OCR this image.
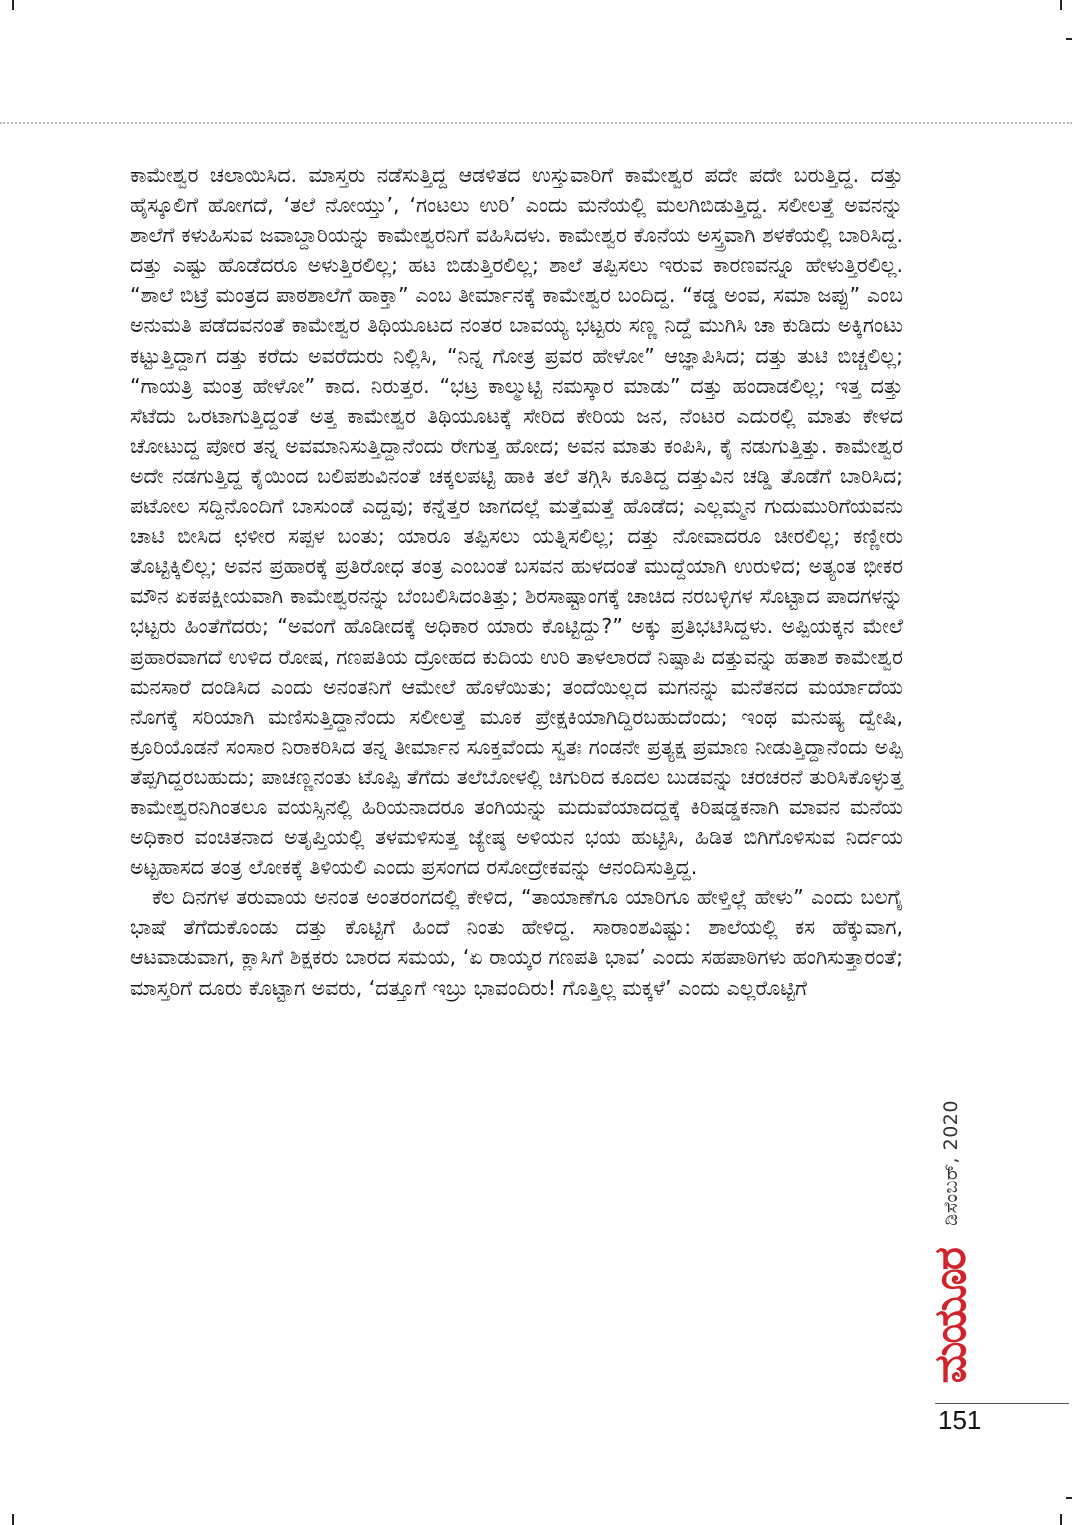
ಕಾಮೇಶ್ವರ ಚಲಾಯಿಸಿದ. ಮಾಸ್ತರು ನಡೆಸುತ್ತಿದ್ದ ಆಡಳಿತದ ಉಸ್ತುವಾರಿಗೆ ಕಾಮೇಶ್ವರ ಪದೇ ಪದೇ ಬರುತ್ತಿದ್ದ. ದತ್ತು ಹೈಸ್ಕೂಲಿಗೆ ಹೋಗದೆ, ‘ತಲೆ ನೋಯ್ತು’, ‘ಗಂಟಲು ಉರಿ’ ಎಂದು ಮನೆಯಲ್ಲಿ ಮಲಗಿಬಿಡುತ್ತಿದ್ದ. ಸಲೀಲತ್ತೆ ಅವನನ್ನು ಶಾಲೆಗೆ ಕಳುಹಿಸುವ ಜವಾಬ್ದಾರಿಯನ್ನು ಕಾಮೇಶ್ವರನಿಗೆ ವಹಿಸಿದಳು. ಕಾಮೇಶ್ವರ ಕೊನೆಯ ಅಸ್ತ್ರವಾಗಿ ಶಳಕೆಯಲ್ಲಿ ಬಾರಿಸಿದ್ದ. ದತ್ತು ಎಷ್ಟು ಹೊಡೆದರೂ ಅಳುತ್ತಿರಲಿಲ್ಲ; ಹಟ ಬಿಡುತ್ತಿರಲಿಲ್ಲ; ಶಾಲೆ ತಪ್ಪಿಸಲು ಇರುವ ಕಾರಣವನ್ನೂ ಹೇಳುತ್ತಿರಲಿಲ್ಲ. “ಶಾಲೆ ಬಿಟ್ರೆ ಮಂತ್ರದ ಪಾಠಶಾಲೆಗೆ ಹಾಕ್ತಾ” ಎಂಬ ತೀರ್ಮಾನಕ್ಕೆ ಕಾಮೇಶ್ವರ ಬಂದಿದ್ದ. “ಕಡ್ಡ ಅಂವ, ಸಮಾ ಜಪ್ಪು” ಎಂಬ ಅನುಮತಿ ಪಡೆದವನಂತೆ ಕಾಮೇಶ್ವರ ತಿಥಿಯೂಟದ ನಂತರ ಬಾವಯ್ಯ ಭಟ್ಟರು ಸಣ್ಣ ನಿದ್ದೆ ಮುಗಿಸಿ ಚಾ ಕುಡಿದು ಅಕ್ಕಿಗಂಟು ಕಟ್ಟುತ್ತಿದ್ದಾಗ ದತ್ತು ಕರೆದು ಅವರೆದುರು ನಿಲ್ಲಿಸಿ, “ನಿನ್ನ ಗೋತ್ರ ಪ್ರವರ ಹೇಳೋ” ಆಜ್ಞಾಪಿಸಿದ; ದತ್ತು ತುಟಿ ಬಿಚ್ಚಲಿಲ್ಲ; “ಗಾಯತ್ರಿ ಮಂತ್ರ ಹೇಳೋ” ಕಾದ. ನಿರುತ್ತರ. “ಭಟ್ರ ಕಾಲ್ಮುಟ್ಟಿ ನಮಸ್ಕಾರ ಮಾಡು” ದತ್ತು ಹಂದಾಡಲಿಲ್ಲ; ಇತ್ತ ದತ್ತು ಸೆಟೆದು ಒರಟಾಗುತ್ತಿದ್ದಂತೆ ಅತ್ತ ಕಾಮೇಶ್ವರ ತಿಥಿಯೂಟಕ್ಕೆ ಸೇರಿದ ಕೇರಿಯ ಜನ, ನೆಂಟರ ಎದುರಲ್ಲಿ ಮಾತು ಕೇಳದ ಚೋಟುದ್ದ ಪೋರ ತನ್ನ ಅವಮಾನಿಸುತ್ತಿದ್ದಾನೆಂದು ರೇಗುತ್ತ ಹೋದ; ಅವನ ಮಾತು ಕಂಪಿಸಿ, ಕೈ ನಡುಗುತ್ತಿತ್ತು. ಕಾಮೇಶ್ವರ ಅದೇ ನಡಗುತ್ತಿದ್ದ ಕೈಯಿಂದ ಬಲಿಪಶುವಿನಂತೆ ಚಕ್ಕಲಪಟ್ಟಿ ಹಾಕಿ ತಲೆ ತಗ್ಗಿಸಿ ಕೂತಿದ್ದ ದತ್ತುವಿನ ಚಡ್ಡಿ ತೊಡೆಗೆ ಬಾರಿಸಿದ; ಪಟೋಲ ಸದ್ದಿನೊಂದಿಗೆ ಬಾಸುಂಡೆ ಎದ್ದವು; ಕನ್ನೆತ್ತರ ಜಾಗದಲ್ಲೆ ಮತ್ತೆಮತ್ತೆ ಹೊಡೆದ; ಎಲ್ಲಮ್ಮನ ಗುದುಮುರಿಗೆಯವನು ಚಾಟಿ ಬೀಸಿದ ಛಳೀರ ಸಪ್ಪಳ ಬಂತು; ಯಾರೂ ತಪ್ಪಿಸಲು ಯತ್ನಿಸಲಿಲ್ಲ; ದತ್ತು ನೋವಾದರೂ ಚೀರಲಿಲ್ಲ; ಕಣ್ಣೀರು ತೊಟ್ಟಿಕ್ಕಿಲಿಲ್ಲ; ಅವನ ಪ್ರಹಾರಕ್ಕೆ ಪ್ರತಿರೋಧ ತಂತ್ರ ಎಂಬಂತೆ ಬಸವನ ಹುಳದಂತೆ ಮುದ್ದೆಯಾಗಿ ಉರುಳಿದ; ಅತ್ಯಂತ ಭೀಕರ ಮೌನ ಏಕಪಕ್ಷೀಯವಾಗಿ ಕಾಮೇಶ್ವರನನ್ನು ಬೆಂಬಲಿಸಿದಂತಿತ್ತು; ಶಿರಸಾಷ್ಟಾಂಗಕ್ಕೆ ಚಾಚಿದ ನರಬಳ್ಳಿಗಳ ಸೊಟ್ಟಾದ ಪಾದಗಳನ್ನು ಭಟ್ಟರು ಹಿಂತೆಗೆದರು; “ಅವಂಗೆ ಹೊಡೀದಕ್ಕೆ ಅಧಿಕಾರ ಯಾರು ಕೊಟ್ಟಿದ್ದು?” ಅಕ್ಕು ಪ್ರತಿಭಟಿಸಿದ್ದಳು. ಅಪ್ಪಿಯಕ್ಕನ ಮೇಲೆ ಪ್ರಹಾರವಾಗದೆ ಉಳಿದ ರೋಷ, ಗಣಪತಿಯ ದ್ರೋಹದ ಕುದಿಯ ಉರಿ ತಾಳಲಾರದೆ ನಿಷ್ಪಾಪಿ ದತ್ತುವನ್ನು ಹತಾಶ ಕಾಮೇಶ್ವರ ಮನಸಾರೆ ದಂಡಿಸಿದ ಎಂದು ಅನಂತನಿಗೆ ಆಮೇಲೆ ಹೊಳೆಯಿತು; ತಂದೆಯಿಲ್ಲದ ಮಗನನ್ನು ಮನೆತನದ ಮರ್ಯಾದೆಯ ನೊಗಕ್ಕೆ ಸರಿಯಾಗಿ ಮಣಿಸುತ್ತಿದ್ದಾನೆಂದು ಸಲೀಲತ್ತೆ ಮೂಕ ಪ್ರೇಕ್ಷಕಿಯಾಗಿದ್ದಿರಬಹುದೆಂದು; ಇಂಥ ಮನುಷ್ಯ ದ್ವೇಷಿ, ಕ್ರೂರಿಯೊಡನೆ ಸಂಸಾರ ನಿರಾಕರಿಸಿದ ತನ್ನ ತೀರ್ಮಾನ ಸೂಕ್ತವೆಂದು ಸ್ವತಃ ಗಂಡನೇ ಪ್ರತ್ಯಕ್ಷ ಪ್ರಮಾಣ ನೀಡುತ್ತಿದ್ದಾನೆಂದು ಅಪ್ಪಿ ತೆಪ್ಪಗಿದ್ದರಬಹುದು; ಪಾಚಣ್ಣನಂತು ಟೊಪ್ಪಿ ತೆಗೆದು ತಲೆಬೋಳಲ್ಲಿ ಚಿಗುರಿದ ಕೂದಲ ಬುಡವನ್ನು ಚರಚರನೆ ತುರಿಸಿಕೊಳ್ಳುತ್ತ ಕಾಮೇಶ್ವರನಿಗಿಂತಲೂ ವಯಸ್ಸಿನಲ್ಲಿ ಹಿರಿಯನಾದರೂ ತಂಗಿಯನ್ನು ಮದುವೆಯಾದದ್ದಕ್ಕೆ ಕಿರಿಷಡ್ಡಕನಾಗಿ ಮಾವನ ಮನೆಯ ಅಧಿಕಾರ ವಂಚಿತನಾದ ಅತೃಪ್ತಿಯಲ್ಲಿ ತಳಮಳಿಸುತ್ತ ಜ್ಯೇಷ್ಠ ಅಳಿಯನ ಭಯ ಹುಟ್ಟಿಸಿ, ಹಿಡಿತ ಬಿಗಿಗೊಳಿಸುವ ನಿರ್ದಯ ಅಟ್ಟಹಾಸದ ತಂತ್ರ ಲೋಕಕ್ಕೆ ತಿಳಿಯಲಿ ಎಂದು ಪ್ರಸಂಗದ ರಸೋದ್ರೇಕವನ್ನು ಆನಂದಿಸುತ್ತಿದ್ದ.

ಕೆಲ ದಿನಗಳ ತರುವಾಯ ಅನಂತ ಅಂತರಂಗದಲ್ಲಿ ಕೇಳಿದ, “ತಾಯಾಣೆಗೂ ಯಾರಿಗೂ ಹೇಳ್ತಿಲ್ಲೆ ಹೇಳು” ಎಂದು ಬಲಗೈ ಭಾಷೆ ತೆಗೆದುಕೊಂಡು ದತ್ತು ಕೊಟ್ಟಿಗೆ ಹಿಂದೆ ನಿಂತು ಹೇಳಿದ್ದ. ಸಾರಾಂಶವಿಷ್ಟು: ಶಾಲೆಯಲ್ಲಿ ಕಸ ಹೆಕ್ಕುವಾಗ, ಆಟವಾಡುವಾಗ, ಕ್ಲಾಸಿಗೆ ಶಿಕ್ಷಕರು ಬಾರದ ಸಮಯ, ‘ಏ ರಾಯ್ಕರ ಗಣಪತಿ ಭಾವ’ ಎಂದು ಸಹಪಾಠಿಗಳು ಹಂಗಿಸುತ್ತಾರಂತೆ; ಮಾಸ್ತರಿಗೆ ದೂರು ಕೊಟ್ಟಾಗ ಅವರು, ‘ದತ್ತೂಗೆ ಇಬ್ರು ಭಾವಂದಿರು! ಗೊತ್ತಿಲ್ಲ ಮಕ್ಕಳೆ’ ಎಂದು ಎಲ್ಲರೊಟ್ಟಿಗೆ

ಡಿಸೆಂಬರ್, 2020
ಮಯೂರ
151
